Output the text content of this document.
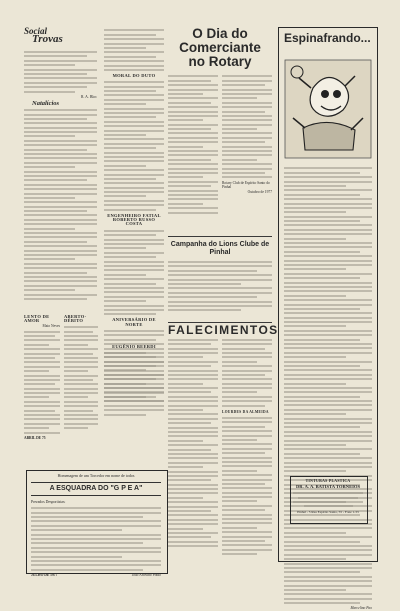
Social
Trovas
R. A. Bloc
Natalícios
LENTO DE AMOR
Maio Neves
ABRIL DE 75
ABERTO-DÉBITO
MORAL DO DUTO
ENGENHEIRO FATIAL ROBERTO RUSSO COSTA
ANIVERSÁRIO DE NORTE
O Dia do Comerciante
no Rotary
Rotary Club de Espírito Santo do Pinhal
Outubro de 1977
Campanha do Lions Clube de Pinhal
FALECIMENTOS
LOURDES DA ALMEIDA
EUGÊNIO BEERDI
Espinafrando...
Marcelino Pao
TINTURAS PLASTICA
DR. A. A. BATISTA TORNEIOS
Pinhal - 5 Rua Espirito Santo, 55 - Fone 1-33
Homenagem de um Torcedor em nome de todos
A ESQUADRA DO "G P E A"
Prezados Desportistas:
JULHO DE 1977	João Arcelino Prado
